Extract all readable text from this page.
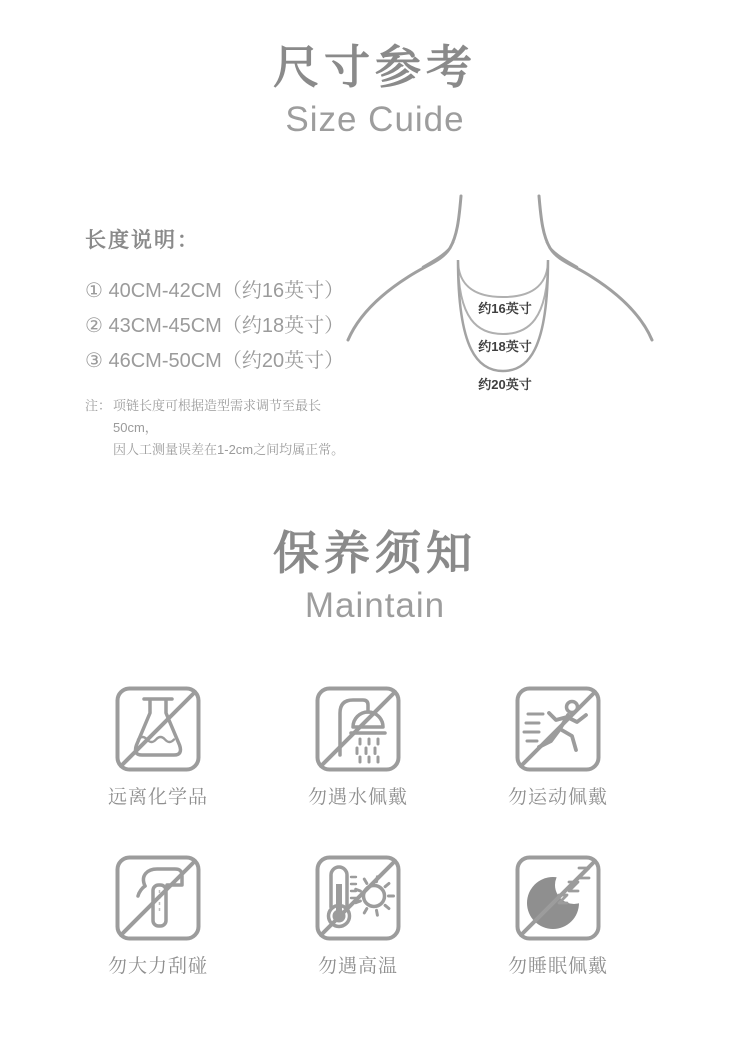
尺寸参考
Size Cuide

长度说明：

① 40CM-42CM（约16英寸）
② 43CM-45CM（约18英寸）
③ 46CM-50CM（约20英寸）
注： 项链长度可根据造型需求调节至最长50cm，
因人工测量误差在1-2cm之间均属正常。
约16英寸
约18英寸
约20英寸
保养须知
Maintain
远离化学品	勿遇水佩戴	勿运动佩戴
勿大力刮碰	勿遇高温	勿睡眠佩戴
